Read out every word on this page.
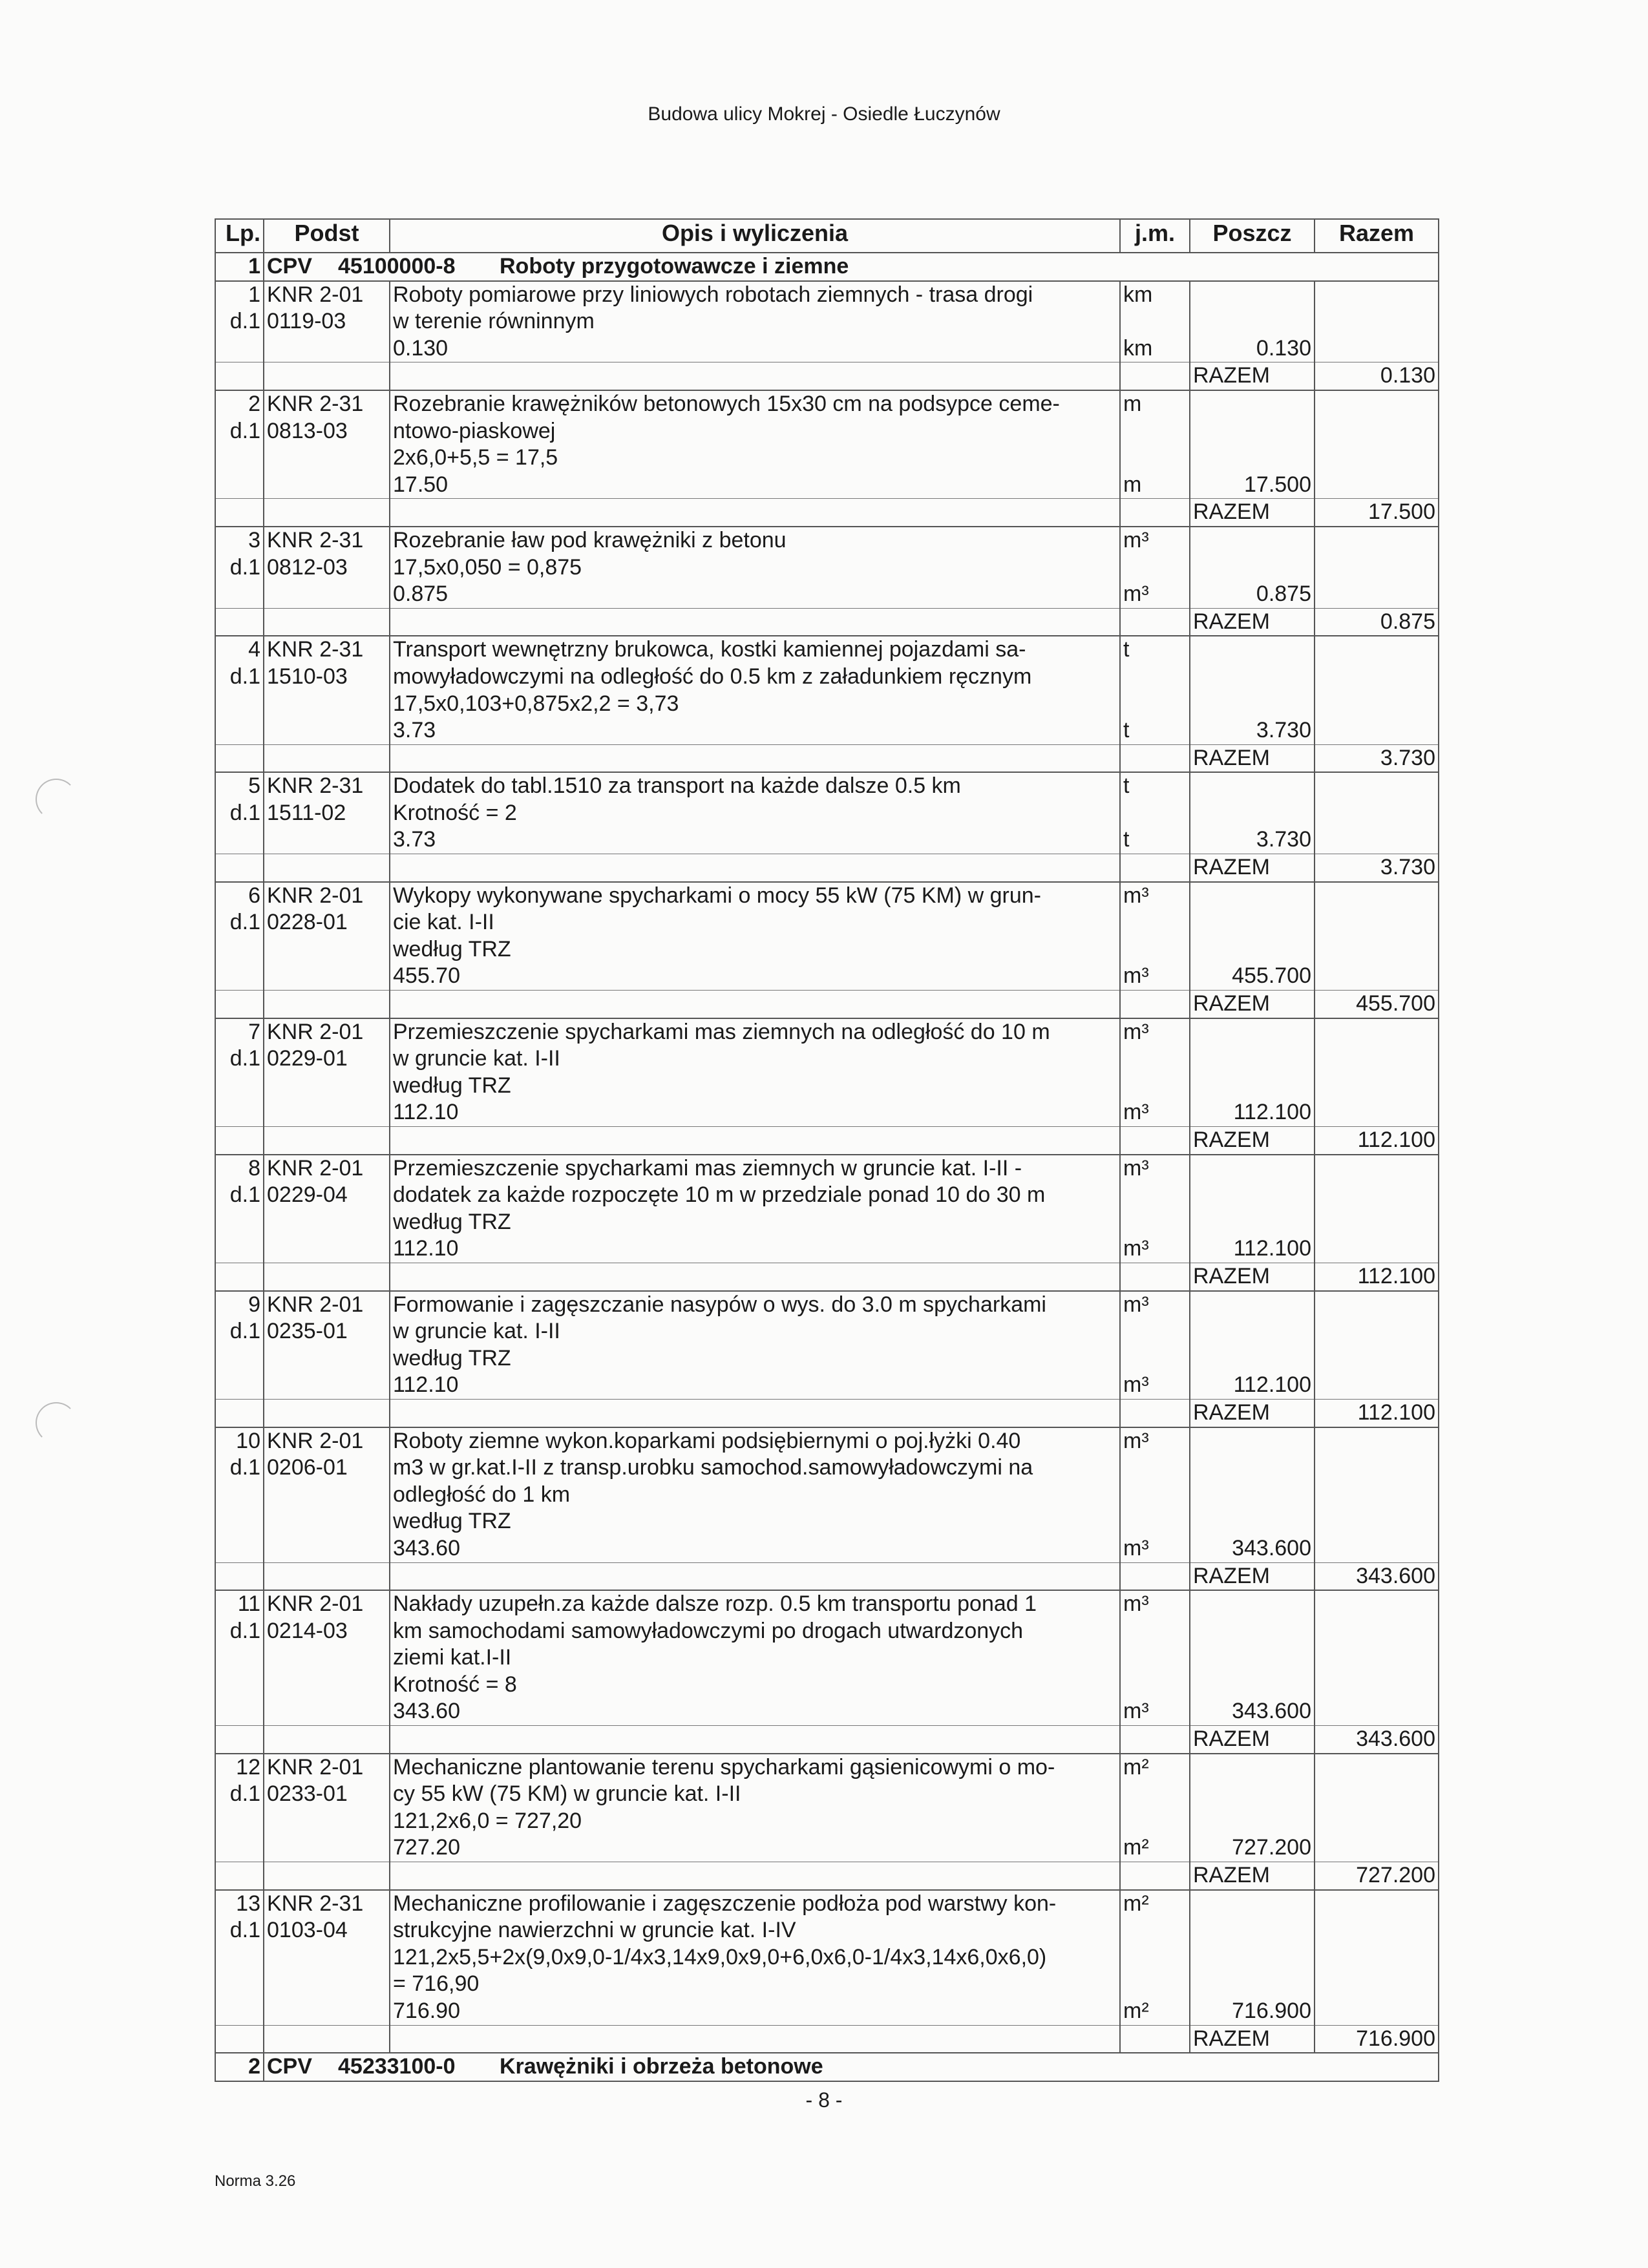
Budowa ulicy Mokrej - Osiedle Łuczynów
Lp.	Podst	Opis i wyliczenia	j.m.	Poszcz	Razem
1	CPV 45100000-8 Roboty przygotowawcze i ziemne				
1	KNR 2-01	Roboty pomiarowe przy liniowych robotach ziemnych - trasa drogi	km		
d.1	0119-03	w terenie równinnym			
		0.130	km	0.130	
				RAZEM	0.130
2	KNR 2-31	Rozebranie krawężników betonowych 15x30 cm na podsypce ceme-	m		
d.1	0813-03	ntowo-piaskowej			
		2x6,0+5,5 = 17,5			
		17.50	m	17.500	
				RAZEM	17.500
3	KNR 2-31	Rozebranie ław pod krawężniki z betonu	m³		
d.1	0812-03	17,5x0,050 = 0,875			
		0.875	m³	0.875	
				RAZEM	0.875
4	KNR 2-31	Transport wewnętrzny brukowca, kostki kamiennej pojazdami sa-	t		
d.1	1510-03	mowyładowczymi na odległość do 0.5 km z załadunkiem ręcznym			
		17,5x0,103+0,875x2,2 = 3,73			
		3.73	t	3.730	
				RAZEM	3.730
5	KNR 2-31	Dodatek do tabl.1510 za transport na każde dalsze 0.5 km	t		
d.1	1511-02	Krotność = 2			
		3.73	t	3.730	
				RAZEM	3.730
6	KNR 2-01	Wykopy wykonywane spycharkami o mocy 55 kW (75 KM) w grun-	m³		
d.1	0228-01	cie kat. I-II			
		według TRZ			
		455.70	m³	455.700	
				RAZEM	455.700
7	KNR 2-01	Przemieszczenie spycharkami mas ziemnych na odległość do 10 m	m³		
d.1	0229-01	w gruncie kat. I-II			
		według TRZ			
		112.10	m³	112.100	
				RAZEM	112.100
8	KNR 2-01	Przemieszczenie spycharkami mas ziemnych w gruncie kat. I-II -	m³		
d.1	0229-04	dodatek za każde rozpoczęte 10 m w przedziale ponad 10 do 30 m			
		według TRZ			
		112.10	m³	112.100	
				RAZEM	112.100
9	KNR 2-01	Formowanie i zagęszczanie nasypów o wys. do 3.0 m spycharkami	m³		
d.1	0235-01	w gruncie kat. I-II			
		według TRZ			
		112.10	m³	112.100	
				RAZEM	112.100
10	KNR 2-01	Roboty ziemne wykon.koparkami podsiębiernymi o poj.łyżki 0.40	m³		
d.1	0206-01	m3 w gr.kat.I-II z transp.urobku samochod.samowyładowczymi na			
		odległość do 1 km			
		według TRZ			
		343.60	m³	343.600	
				RAZEM	343.600
11	KNR 2-01	Nakłady uzupełn.za każde dalsze rozp. 0.5 km transportu ponad 1	m³		
d.1	0214-03	km samochodami samowyładowczymi po drogach utwardzonych			
		ziemi kat.I-II			
		Krotność = 8			
		343.60	m³	343.600	
				RAZEM	343.600
12	KNR 2-01	Mechaniczne plantowanie terenu spycharkami gąsienicowymi o mo-	m²		
d.1	0233-01	cy 55 kW (75 KM) w gruncie kat. I-II			
		121,2x6,0 = 727,20			
		727.20	m²	727.200	
				RAZEM	727.200
13	KNR 2-31	Mechaniczne profilowanie i zagęszczenie podłoża pod warstwy kon-	m²		
d.1	0103-04	strukcyjne nawierzchni w gruncie kat. I-IV			
		121,2x5,5+2x(9,0x9,0-1/4x3,14x9,0x9,0+6,0x6,0-1/4x3,14x6,0x6,0)			
		= 716,90			
		716.90	m²	716.900	
				RAZEM	716.900
2	CPV 45233100-0 Krawężniki i obrzeża betonowe				
- 8 -
Norma 3.26
